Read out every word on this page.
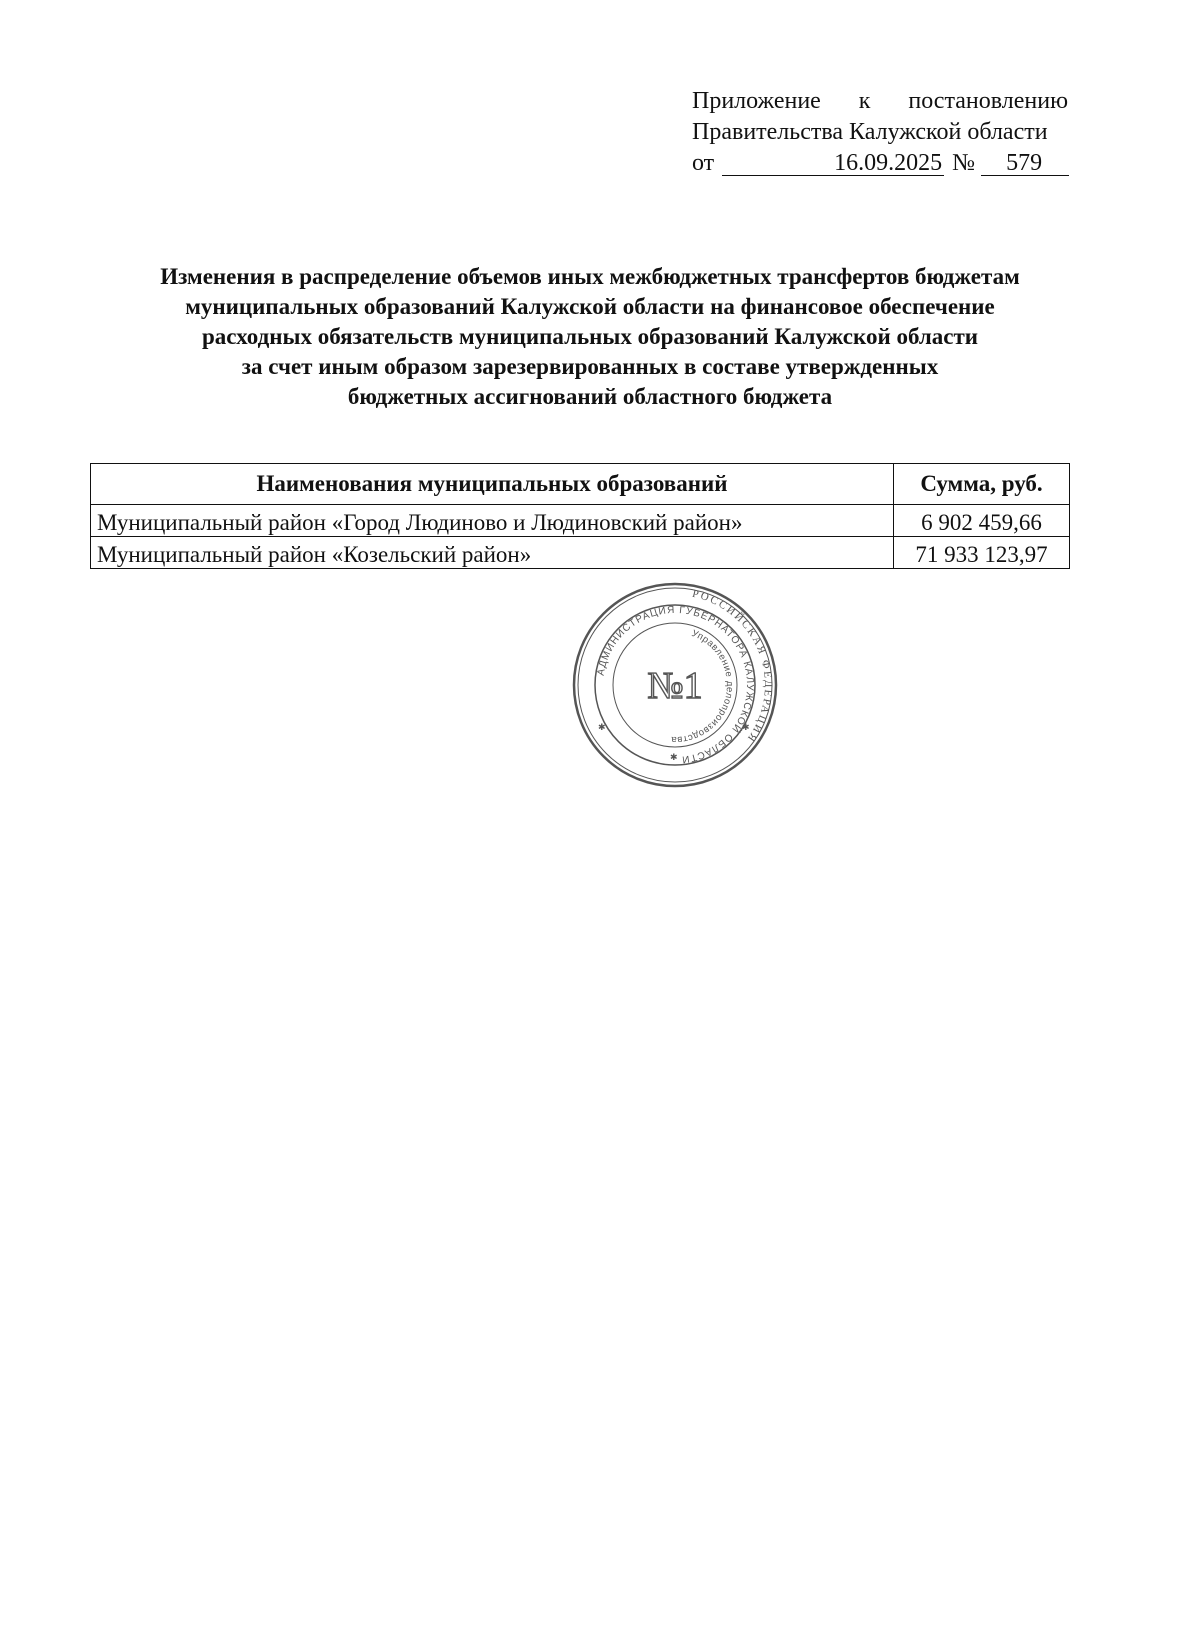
Приложение к постановлению
Правительства Калужской области
от	16.09.2025 №	579
Изменения в распределение объемов иных межбюджетных трансфертов бюджетам
муниципальных образований Калужской области на финансовое обеспечение
расходных обязательств муниципальных образований Калужской области
за счет иным образом зарезервированных в составе утвержденных
бюджетных ассигнований областного бюджета
Наименования муниципальных образований	Сумма, руб.
Муниципальный район «Город Людиново и Людиновский район»	6 902 459,66
Муниципальный район «Козельский район»	71 933 123,97
РОССИЙСКАЯ ФЕДЕРАЦИЯ
АДМИНИСТРАЦИЯ ГУБЕРНАТОРА КАЛУЖСКОЙ ОБЛАСТИ
Управление делопроизводства
№1
✱	✱
✱
